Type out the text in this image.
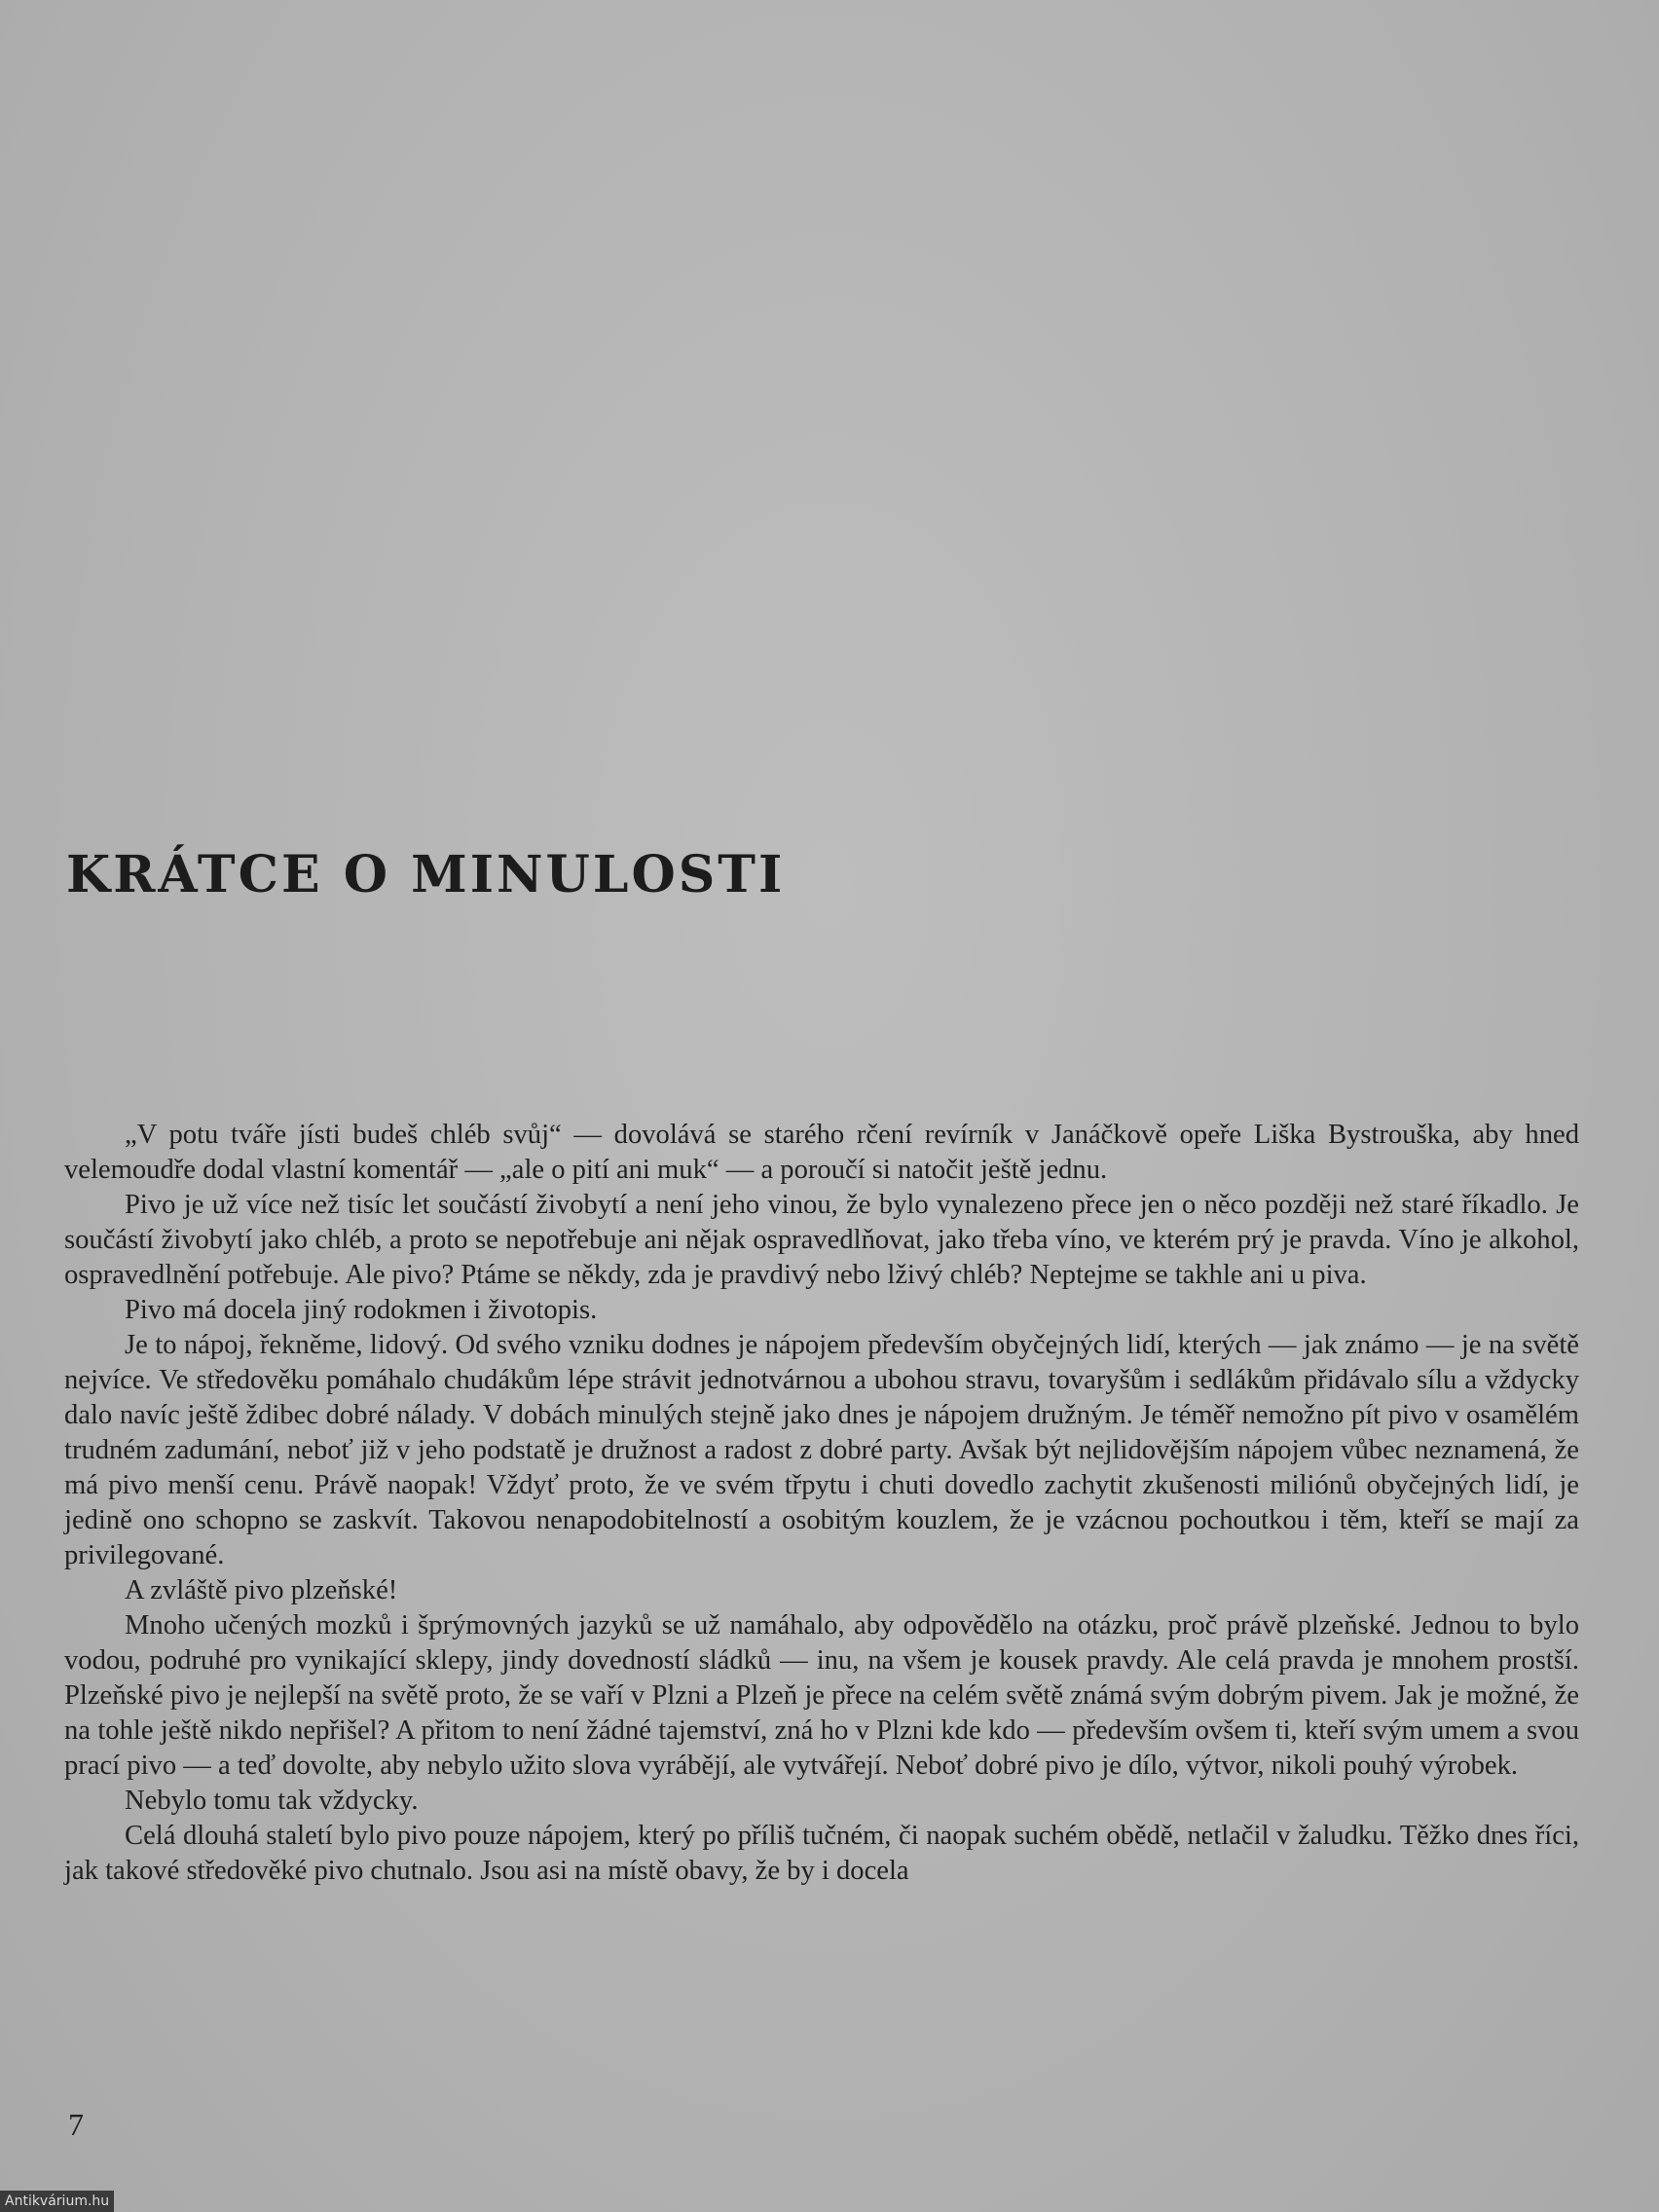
KRÁTCE O MINULOSTI

„V potu tváře jísti budeš chléb svůj“ — dovolává se starého rčení revírník v Janáčkově opeře Liška Bystrouška, aby hned velemoudře dodal vlastní komentář — „ale o pití ani muk“ — a poroučí si natočit ještě jednu.

Pivo je už více než tisíc let součástí živobytí a není jeho vinou, že bylo vynalezeno přece jen o něco později než staré říkadlo. Je součástí živobytí jako chléb, a proto se nepotřebuje ani nějak ospravedlňovat, jako třeba víno, ve kterém prý je pravda. Víno je alkohol, ospravedlnění potřebuje. Ale pivo? Ptáme se někdy, zda je pravdivý nebo lživý chléb? Neptejme se takhle ani u piva.

Pivo má docela jiný rodokmen i životopis.

Je to nápoj, řekněme, lidový. Od svého vzniku dodnes je nápojem především obyčejných lidí, kterých — jak známo — je na světě nejvíce. Ve středověku pomáhalo chudákům lépe strávit jednotvárnou a ubohou stravu, tovaryšům i sedlákům přidávalo sílu a vždycky dalo navíc ještě ždibec dobré nálady. V dobách minulých stejně jako dnes je nápojem družným. Je téměř nemožno pít pivo v osamělém trudném zadumání, neboť již v jeho podstatě je družnost a radost z dobré party. Avšak být nejlidovějším nápojem vůbec neznamená, že má pivo menší cenu. Právě naopak! Vždyť proto, že ve svém třpytu i chuti dovedlo zachytit zkušenosti miliónů obyčejných lidí, je jedině ono schopno se zaskvít. Takovou nenapodobitelností a osobitým kouzlem, že je vzácnou pochoutkou i těm, kteří se mají za privilegované.

A zvláště pivo plzeňské!

Mnoho učených mozků i šprýmovných jazyků se už namáhalo, aby odpovědělo na otázku, proč právě plzeňské. Jednou to bylo vodou, podruhé pro vynikající sklepy, jindy dovedností sládků — inu, na všem je kousek pravdy. Ale celá pravda je mnohem prostší. Plzeňské pivo je nejlepší na světě proto, že se vaří v Plzni a Plzeň je přece na celém světě známá svým dobrým pivem. Jak je možné, že na tohle ještě nikdo nepřišel? A přitom to není žádné tajemství, zná ho v Plzni kde kdo — především ovšem ti, kteří svým umem a svou prací pivo — a teď dovolte, aby nebylo užito slova vyrábějí, ale vytvářejí. Neboť dobré pivo je dílo, výtvor, nikoli pouhý výrobek.

Nebylo tomu tak vždycky.

Celá dlouhá staletí bylo pivo pouze nápojem, který po příliš tučném, či naopak suchém obědě, netlačil v žaludku. Těžko dnes říci, jak takové středověké pivo chutnalo. Jsou asi na místě obavy, že by i docela

7
Antikvárium.hu
